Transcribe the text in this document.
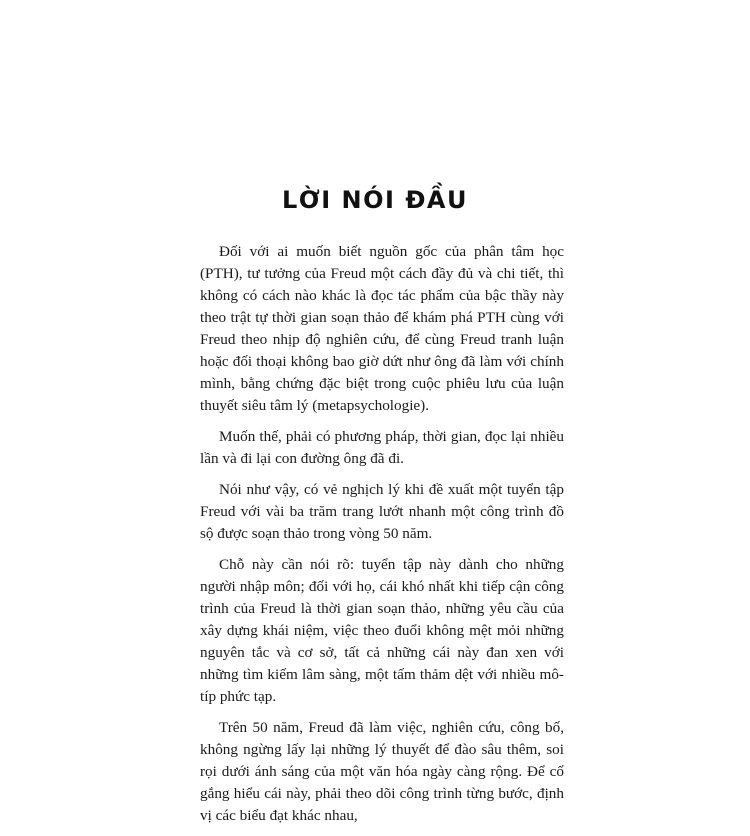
LỜI NÓI ĐẦU

Đối với ai muốn biết nguồn gốc của phân tâm học (PTH), tư tưởng của Freud một cách đầy đủ và chi tiết, thì không có cách nào khác là đọc tác phẩm của bậc thầy này theo trật tự thời gian soạn thảo để khám phá PTH cùng với Freud theo nhịp độ nghiên cứu, để cùng Freud tranh luận hoặc đối thoại không bao giờ dứt như ông đã làm với chính mình, bằng chứng đặc biệt trong cuộc phiêu lưu của luận thuyết siêu tâm lý (metapsychologie).

Muốn thế, phải có phương pháp, thời gian, đọc lại nhiều lần và đi lại con đường ông đã đi.

Nói như vậy, có vẻ nghịch lý khi đề xuất một tuyển tập Freud với vài ba trăm trang lướt nhanh một công trình đồ sộ được soạn thảo trong vòng 50 năm.

Chỗ này cần nói rõ: tuyển tập này dành cho những người nhập môn; đối với họ, cái khó nhất khi tiếp cận công trình của Freud là thời gian soạn thảo, những yêu cầu của xây dựng khái niệm, việc theo đuổi không mệt mỏi những nguyên tắc và cơ sở, tất cả những cái này đan xen với những tìm kiếm lâm sàng, một tấm thảm dệt với nhiều mô-típ phức tạp.

Trên 50 năm, Freud đã làm việc, nghiên cứu, công bố, không ngừng lấy lại những lý thuyết để đào sâu thêm, soi rọi dưới ánh sáng của một văn hóa ngày càng rộng. Để cố gắng hiểu cái này, phải theo dõi công trình từng bước, định vị các biểu đạt khác nhau,
